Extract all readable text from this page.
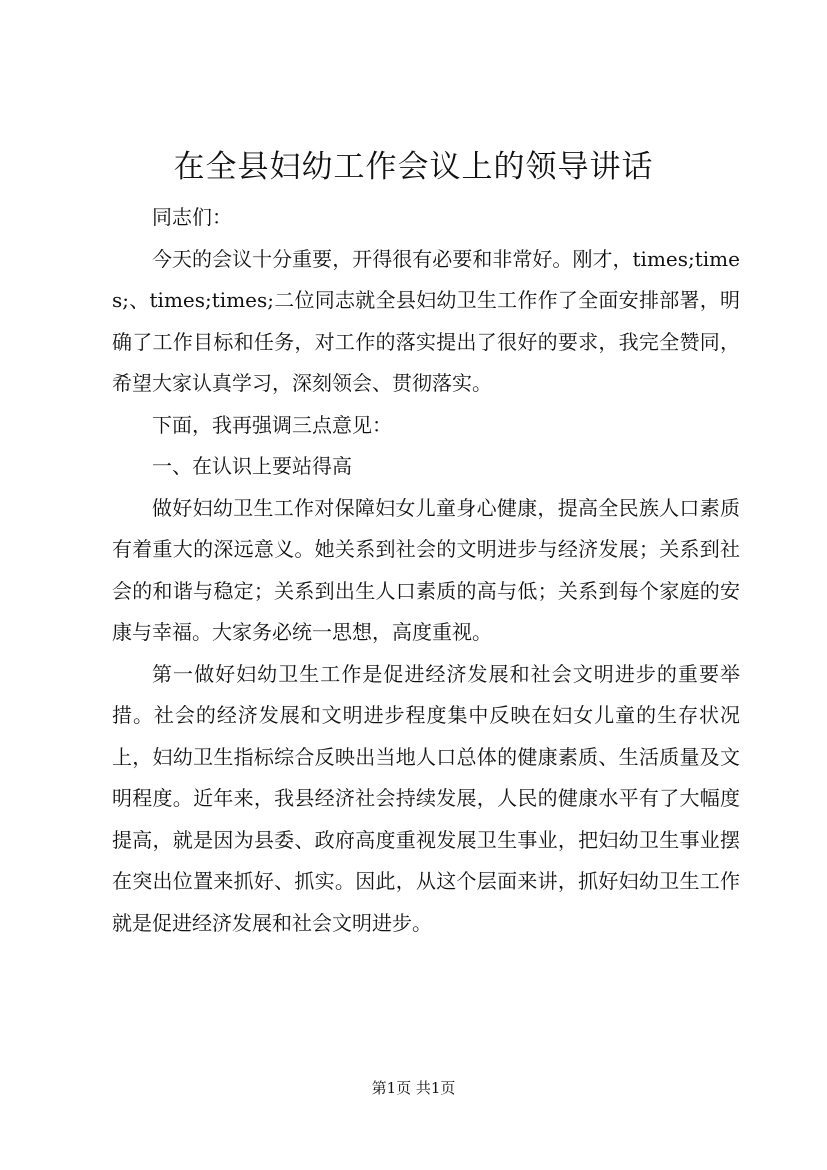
在全县妇幼工作会议上的领导讲话

同志们：

今天的会议十分重要，开得很有必要和非常好。刚才，times;times;、times;times;二位同志就全县妇幼卫生工作作了全面安排部署，明确了工作目标和任务，对工作的落实提出了很好的要求，我完全赞同，希望大家认真学习，深刻领会、贯彻落实。

下面，我再强调三点意见：

一、在认识上要站得高

做好妇幼卫生工作对保障妇女儿童身心健康，提高全民族人口素质有着重大的深远意义。她关系到社会的文明进步与经济发展；关系到社会的和谐与稳定；关系到出生人口素质的高与低；关系到每个家庭的安康与幸福。大家务必统一思想，高度重视。

第一做好妇幼卫生工作是促进经济发展和社会文明进步的重要举措。社会的经济发展和文明进步程度集中反映在妇女儿童的生存状况上，妇幼卫生指标综合反映出当地人口总体的健康素质、生活质量及文明程度。近年来，我县经济社会持续发展，人民的健康水平有了大幅度提高，就是因为县委、政府高度重视发展卫生事业，把妇幼卫生事业摆在突出位置来抓好、抓实。因此，从这个层面来讲，抓好妇幼卫生工作就是促进经济发展和社会文明进步。

第1页 共1页
